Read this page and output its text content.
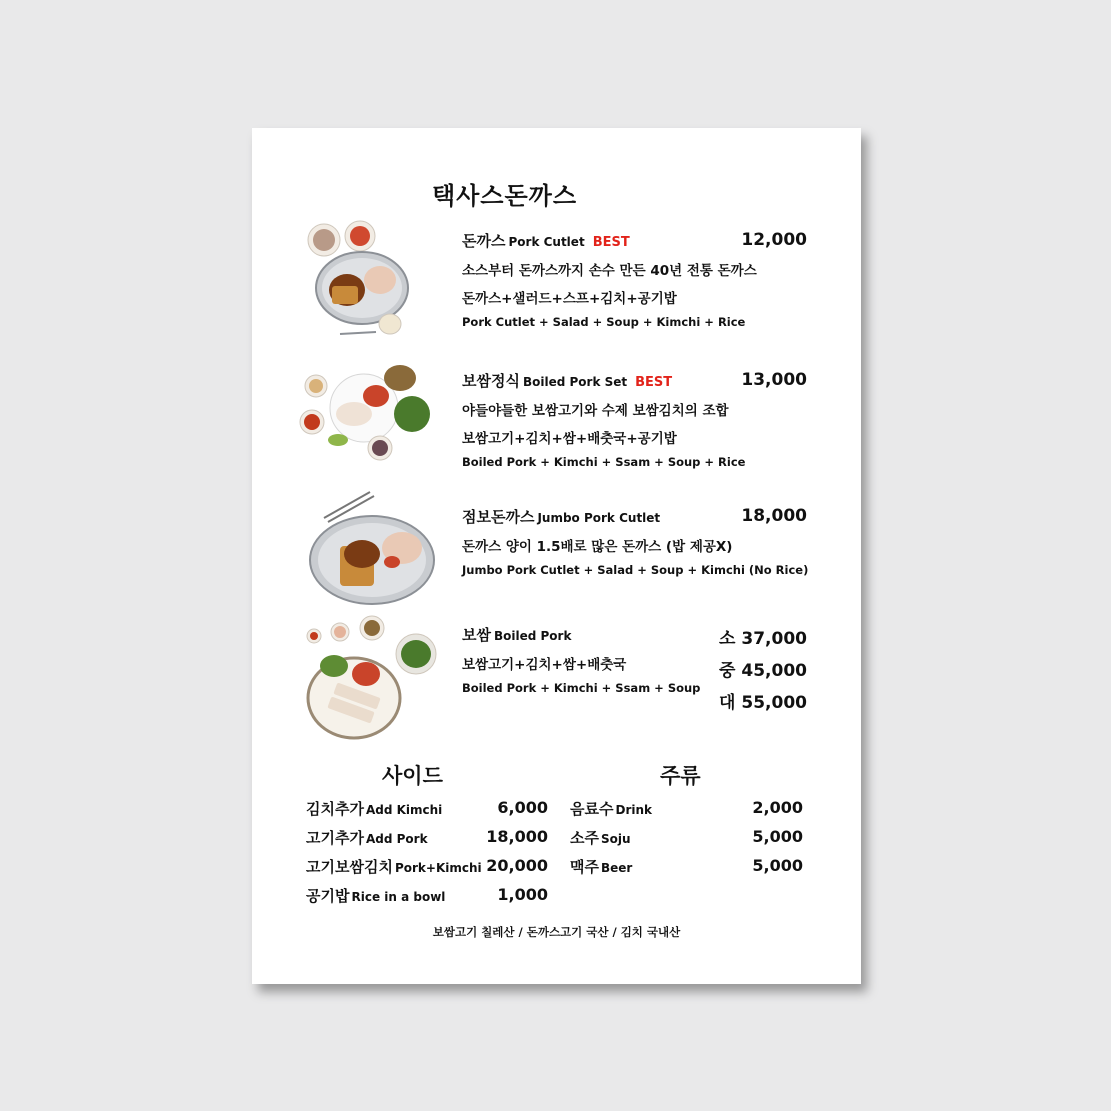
택사스돈까스
돈까스 Pork Cutlet BEST	12,000
소스부터 돈까스까지 손수 만든 40년 전통 돈까스
돈까스+샐러드+스프+김치+공기밥
Pork Cutlet + Salad + Soup + Kimchi + Rice
보쌈정식 Boiled Pork Set BEST	13,000
야들야들한 보쌈고기와 수제 보쌈김치의 조합
보쌈고기+김치+쌈+배춧국+공기밥
Boiled Pork + Kimchi + Ssam + Soup + Rice
점보돈까스 Jumbo Pork Cutlet	18,000
돈까스 양이 1.5배로 많은 돈까스 (밥 제공X)
Jumbo Pork Cutlet + Salad + Soup + Kimchi (No Rice)
보쌈 Boiled Pork
보쌈고기+김치+쌈+배춧국
Boiled Pork + Kimchi + Ssam + Soup
소 37,000
중 45,000
대 55,000
사이드
김치추가 Add Kimchi	6,000
고기추가 Add Pork	18,000
고기보쌈김치 Pork+Kimchi 20,000
공기밥 Rice in a bowl	1,000
주류
음료수 Drink	2,000
소주 Soju	5,000
맥주 Beer	5,000
보쌈고기 칠레산 / 돈까스고기 국산 / 김치 국내산
